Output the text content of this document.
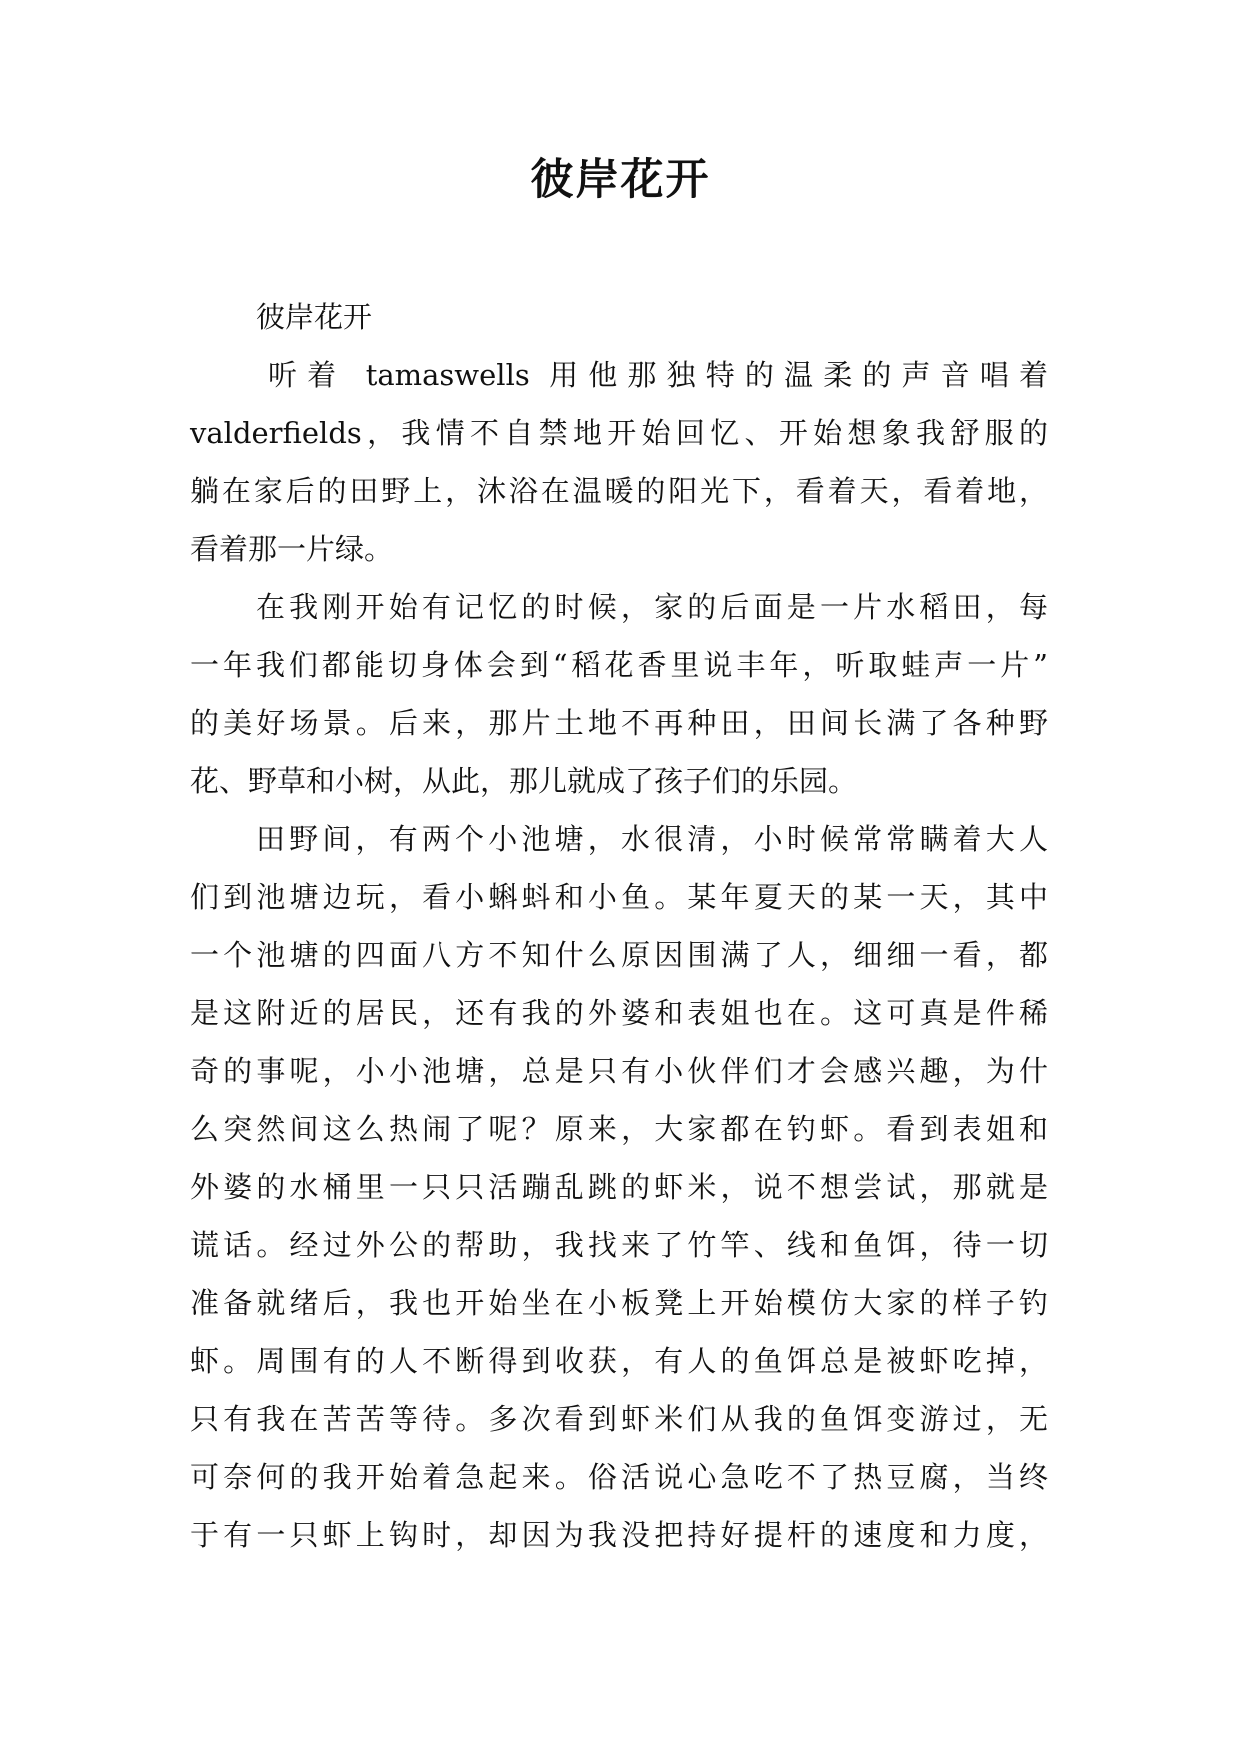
彼岸花开
彼岸花开
听着 tamaswells 用他那独特的温柔的声音唱着
valderfields，我情不自禁地开始回忆、开始想象我舒服的
躺在家后的田野上，沐浴在温暖的阳光下，看着天，看着地，
看着那一片绿。
在我刚开始有记忆的时候，家的后面是一片水稻田，每
一年我们都能切身体会到“稻花香里说丰年，听取蛙声一片”
的美好场景。后来，那片土地不再种田，田间长满了各种野
花、野草和小树，从此，那儿就成了孩子们的乐园。
田野间，有两个小池塘，水很清，小时候常常瞒着大人
们到池塘边玩，看小蝌蚪和小鱼。某年夏天的某一天，其中
一个池塘的四面八方不知什么原因围满了人，细细一看，都
是这附近的居民，还有我的外婆和表姐也在。这可真是件稀
奇的事呢，小小池塘，总是只有小伙伴们才会感兴趣，为什
么突然间这么热闹了呢？原来，大家都在钓虾。看到表姐和
外婆的水桶里一只只活蹦乱跳的虾米，说不想尝试，那就是
谎话。经过外公的帮助，我找来了竹竿、线和鱼饵，待一切
准备就绪后，我也开始坐在小板凳上开始模仿大家的样子钓
虾。周围有的人不断得到收获，有人的鱼饵总是被虾吃掉，
只有我在苦苦等待。多次看到虾米们从我的鱼饵变游过，无
可奈何的我开始着急起来。俗活说心急吃不了热豆腐，当终
于有一只虾上钩时，却因为我没把持好提杆的速度和力度，
